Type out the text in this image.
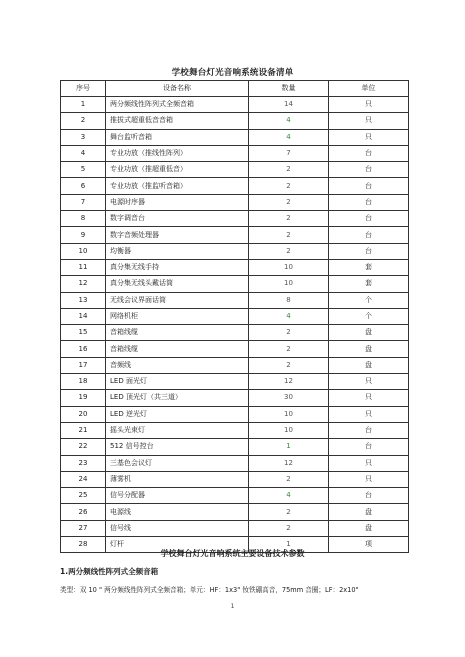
学校舞台灯光音响系统设备清单
序号	设备名称	数量	单位
1	两分频线性阵列式全频音箱	14	只
2	推拔式超重低音音箱	4	只
3	舞台监听音箱	4	只
4	专业功放（推线性阵列）	7	台
5	专业功放（推超重低音）	2	台
6	专业功放（推监听音箱）	2	台
7	电源时序器	2	台
8	数字调音台	2	台
9	数字音频处理器	2	台
10	均衡器	2	台
11	真分集无线手持	10	套
12	真分集无线头戴话筒	10	套
13	无线会议界面话筒	8	个
14	网络机柜	4	个
15	音箱线缆	2	盘
16	音箱线缆	2	盘
17	音频线	2	盘
18	LED 面光灯	12	只
19	LED 顶光灯（共三道）	30	只
20	LED 逆光灯	10	只
21	摇头光束灯	10	台
22	512 信号控台	1	台
23	三基色会议灯	12	只
24	薄雾机	2	只
25	信号分配器	4	台
26	电源线	2	盘
27	信号线	2	盘
28	灯杆	1	项
学校舞台灯光音响系统主要设备技术参数
1.两分频线性阵列式全频音箱
类型：双 10 " 两分频线性阵列式全频音箱；单元：HF：1x3" 钕铁硼高音，75mm 音圈；LF：2x10"
1
